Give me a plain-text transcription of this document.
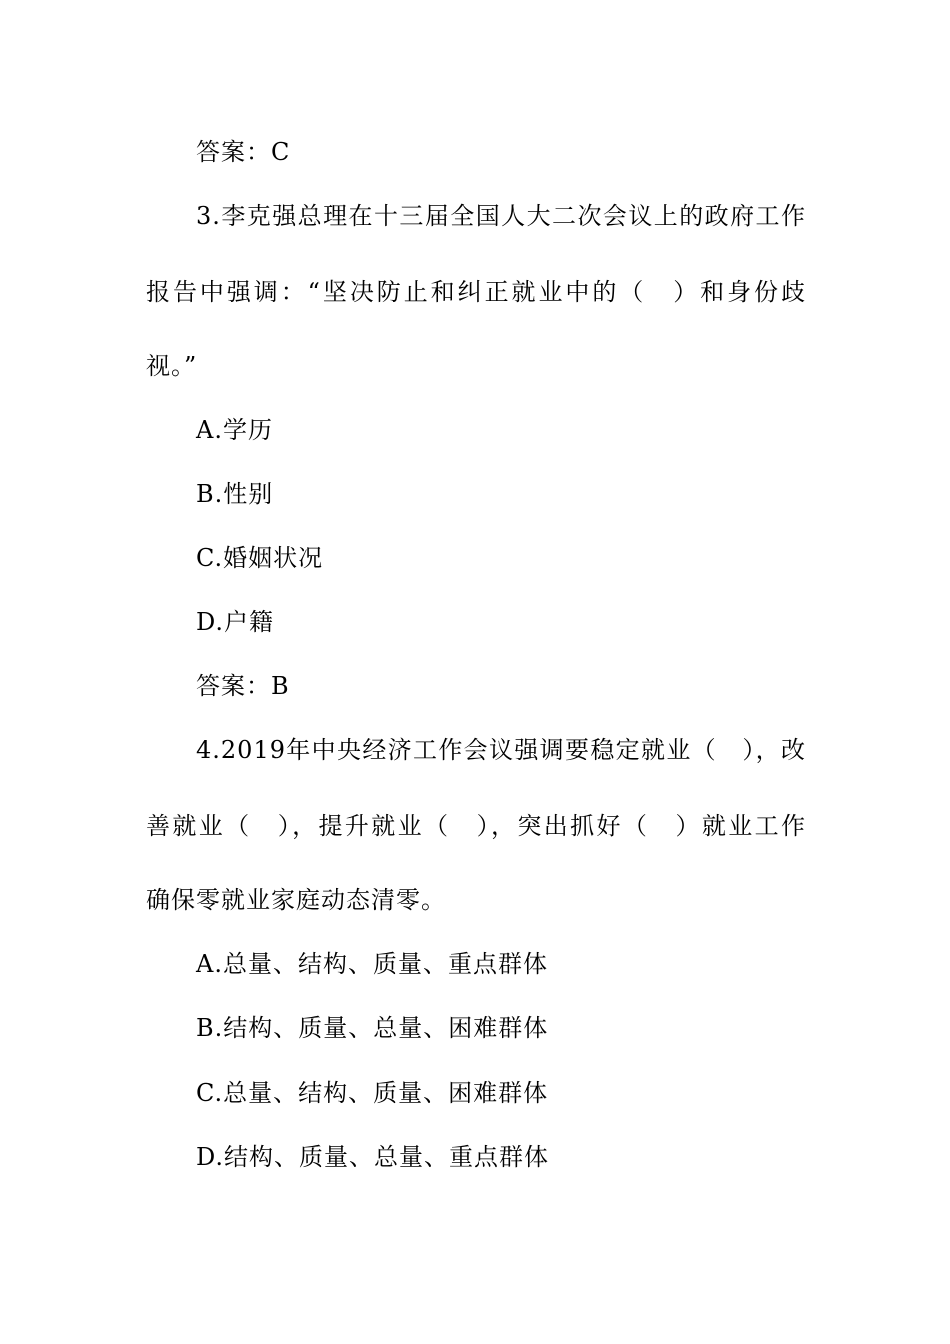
答案：C
3.李克强总理在十三届全国人大二次会议上的政府工作
报告中强调：“坚决防止和纠正就业中的（　）和身份歧
视。”
A.学历
B.性别
C.婚姻状况
D.户籍
答案：B
4.2019年中央经济工作会议强调要稳定就业（　），改
善就业（　），提升就业（　），突出抓好（　）就业工作
确保零就业家庭动态清零。
A.总量、结构、质量、重点群体
B.结构、质量、总量、困难群体
C.总量、结构、质量、困难群体
D.结构、质量、总量、重点群体
